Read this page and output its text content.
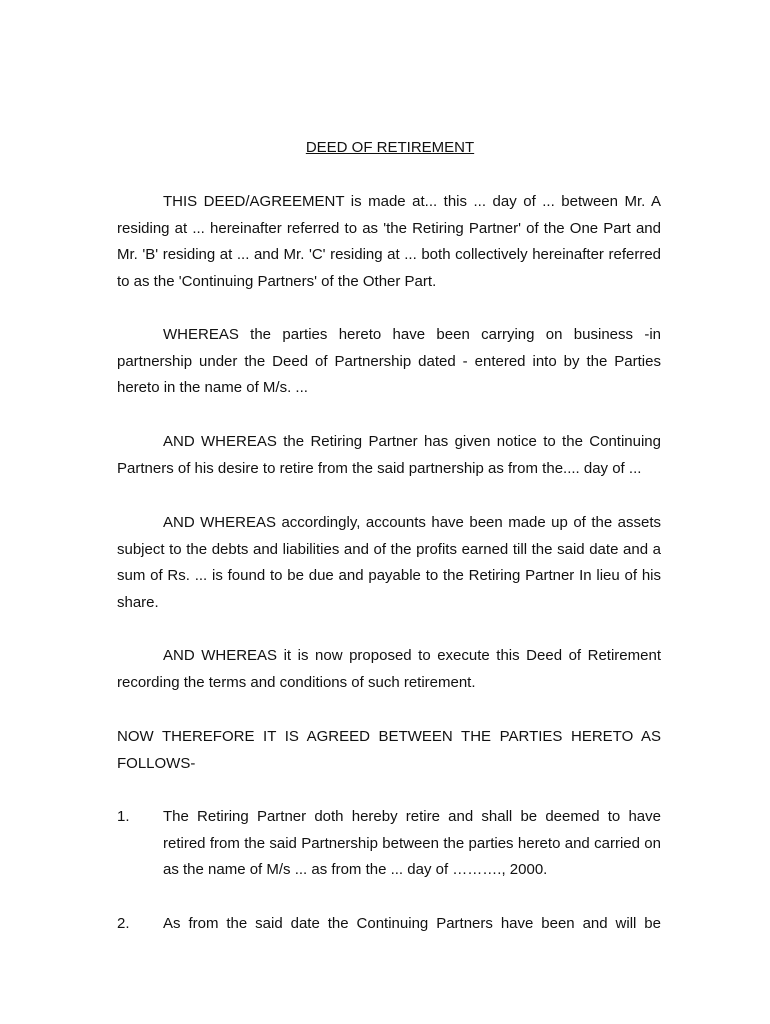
DEED OF RETIREMENT

THIS DEED/AGREEMENT is made at... this ... day of ... between Mr. A residing at ... hereinafter referred to as 'the Retiring Partner' of the One Part and Mr. 'B' residing at ... and Mr. 'C' residing at ... both collectively hereinafter referred to as the 'Continuing Partners' of the Other Part.

WHEREAS the parties hereto have been carrying on business -in partnership under the Deed of Partnership dated - entered into by the Parties hereto in the name of M/s. ...

AND WHEREAS the Retiring Partner has given notice to the Continuing Partners of his desire to retire from the said partnership as from the.... day of ...

AND WHEREAS accordingly, accounts have been made up of the assets subject to the debts and liabilities and of the profits earned till the said date and a sum of Rs. ... is found to be due and payable to the Retiring Partner In lieu of his share.

AND WHEREAS it is now proposed to execute this Deed of Retirement recording the terms and conditions of such retirement.

NOW THEREFORE IT IS AGREED BETWEEN THE PARTIES HERETO AS FOLLOWS-

1.	The Retiring Partner doth hereby retire and shall be deemed to have retired from the said Partnership between the parties hereto and carried on as the name of M/s ... as from the ... day of ………., 2000.
2.	As from the said date the Continuing Partners have been and will be
